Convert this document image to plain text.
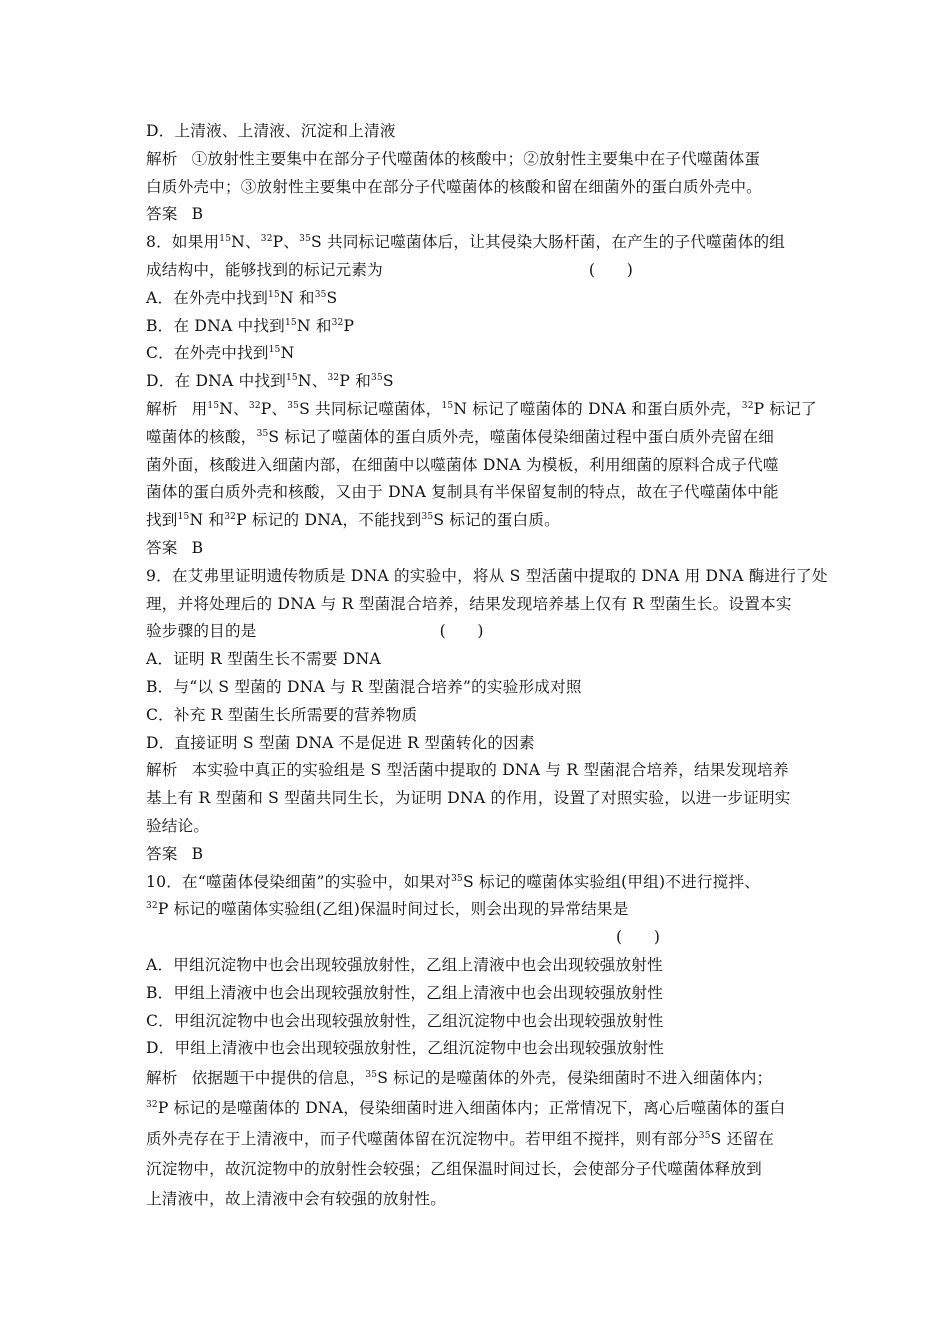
D．上清液、上清液、沉淀和上清液
解析 ①放射性主要集中在部分子代噬菌体的核酸中；②放射性主要集中在子代噬菌体蛋
白质外壳中；③放射性主要集中在部分子代噬菌体的核酸和留在细菌外的蛋白质外壳中。
答案 B
8．如果用$^{15}$N、$^{32}$P、$^{35}$S 共同标记噬菌体后，让其侵染大肠杆菌，在产生的子代噬菌体的组
成结构中，能够找到的标记元素为	(　　)
A．在外壳中找到$^{15}$N 和$^{35}$S
B．在 DNA 中找到$^{15}$N 和$^{32}$P
C．在外壳中找到$^{15}$N
D．在 DNA 中找到$^{15}$N、$^{32}$P 和$^{35}$S
解析 用$^{15}$N、$^{32}$P、$^{35}$S 共同标记噬菌体，$^{15}$N 标记了噬菌体的 DNA 和蛋白质外壳，$^{32}$P 标记了
噬菌体的核酸，$^{35}$S 标记了噬菌体的蛋白质外壳，噬菌体侵染细菌过程中蛋白质外壳留在细
菌外面，核酸进入细菌内部，在细菌中以噬菌体 DNA 为模板，利用细菌的原料合成子代噬
菌体的蛋白质外壳和核酸，又由于 DNA 复制具有半保留复制的特点，故在子代噬菌体中能
找到$^{15}$N 和$^{32}$P 标记的 DNA，不能找到$^{35}$S 标记的蛋白质。
答案 B
9．在艾弗里证明遗传物质是 DNA 的实验中，将从 S 型活菌中提取的 DNA 用 DNA 酶进行了处
理，并将处理后的 DNA 与 R 型菌混合培养，结果发现培养基上仅有 R 型菌生长。设置本实
验步骤的目的是	(　　)
A．证明 R 型菌生长不需要 DNA
B．与“以 S 型菌的 DNA 与 R 型菌混合培养”的实验形成对照
C．补充 R 型菌生长所需要的营养物质
D．直接证明 S 型菌 DNA 不是促进 R 型菌转化的因素
解析 本实验中真正的实验组是 S 型活菌中提取的 DNA 与 R 型菌混合培养，结果发现培养
基上有 R 型菌和 S 型菌共同生长，为证明 DNA 的作用，设置了对照实验，以进一步证明实
验结论。
答案 B
10．在“噬菌体侵染细菌”的实验中，如果对$^{35}$S 标记的噬菌体实验组(甲组)不进行搅拌、
$^{32}$P 标记的噬菌体实验组(乙组)保温时间过长，则会出现的异常结果是
(　　)
A．甲组沉淀物中也会出现较强放射性，乙组上清液中也会出现较强放射性
B．甲组上清液中也会出现较强放射性，乙组上清液中也会出现较强放射性
C．甲组沉淀物中也会出现较强放射性，乙组沉淀物中也会出现较强放射性
D．甲组上清液中也会出现较强放射性，乙组沉淀物中也会出现较强放射性
解析 依据题干中提供的信息，$^{35}$S 标记的是噬菌体的外壳，侵染细菌时不进入细菌体内；
$^{32}$P 标记的是噬菌体的 DNA，侵染细菌时进入细菌体内；正常情况下，离心后噬菌体的蛋白
质外壳存在于上清液中，而子代噬菌体留在沉淀物中。若甲组不搅拌，则有部分$^{35}$S 还留在
沉淀物中，故沉淀物中的放射性会较强；乙组保温时间过长，会使部分子代噬菌体释放到
上清液中，故上清液中会有较强的放射性。
